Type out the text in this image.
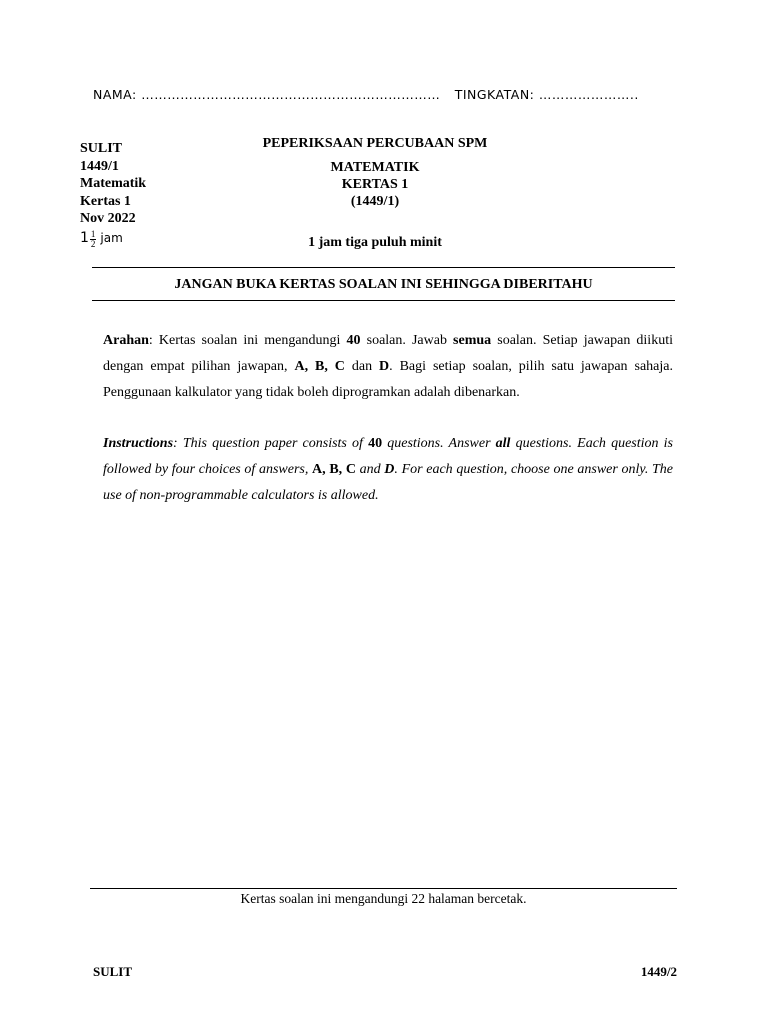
NAMA: …………………………………………………………… TINGKATAN: …………………..
SULIT
1449/1
Matematik
Kertas 1
Nov 2022
$1 \frac{1}{2}$ jam
PEPERIKSAAN PERCUBAAN SPM
MATEMATIK
KERTAS 1
(1449/1)
1 jam tiga puluh minit
JANGAN BUKA KERTAS SOALAN INI SEHINGGA DIBERITAHU
Arahan: Kertas soalan ini mengandungi 40 soalan. Jawab semua soalan. Setiap jawapan diikuti dengan empat pilihan jawapan, A, B, C dan D. Bagi setiap soalan, pilih satu jawapan sahaja. Penggunaan kalkulator yang tidak boleh diprogramkan adalah dibenarkan.
Instructions: This question paper consists of 40 questions. Answer all questions. Each question is followed by four choices of answers, A, B, C and D. For each question, choose one answer only. The use of non-programmable calculators is allowed.
Kertas soalan ini mengandungi 22 halaman bercetak.
SULIT	1449/2
